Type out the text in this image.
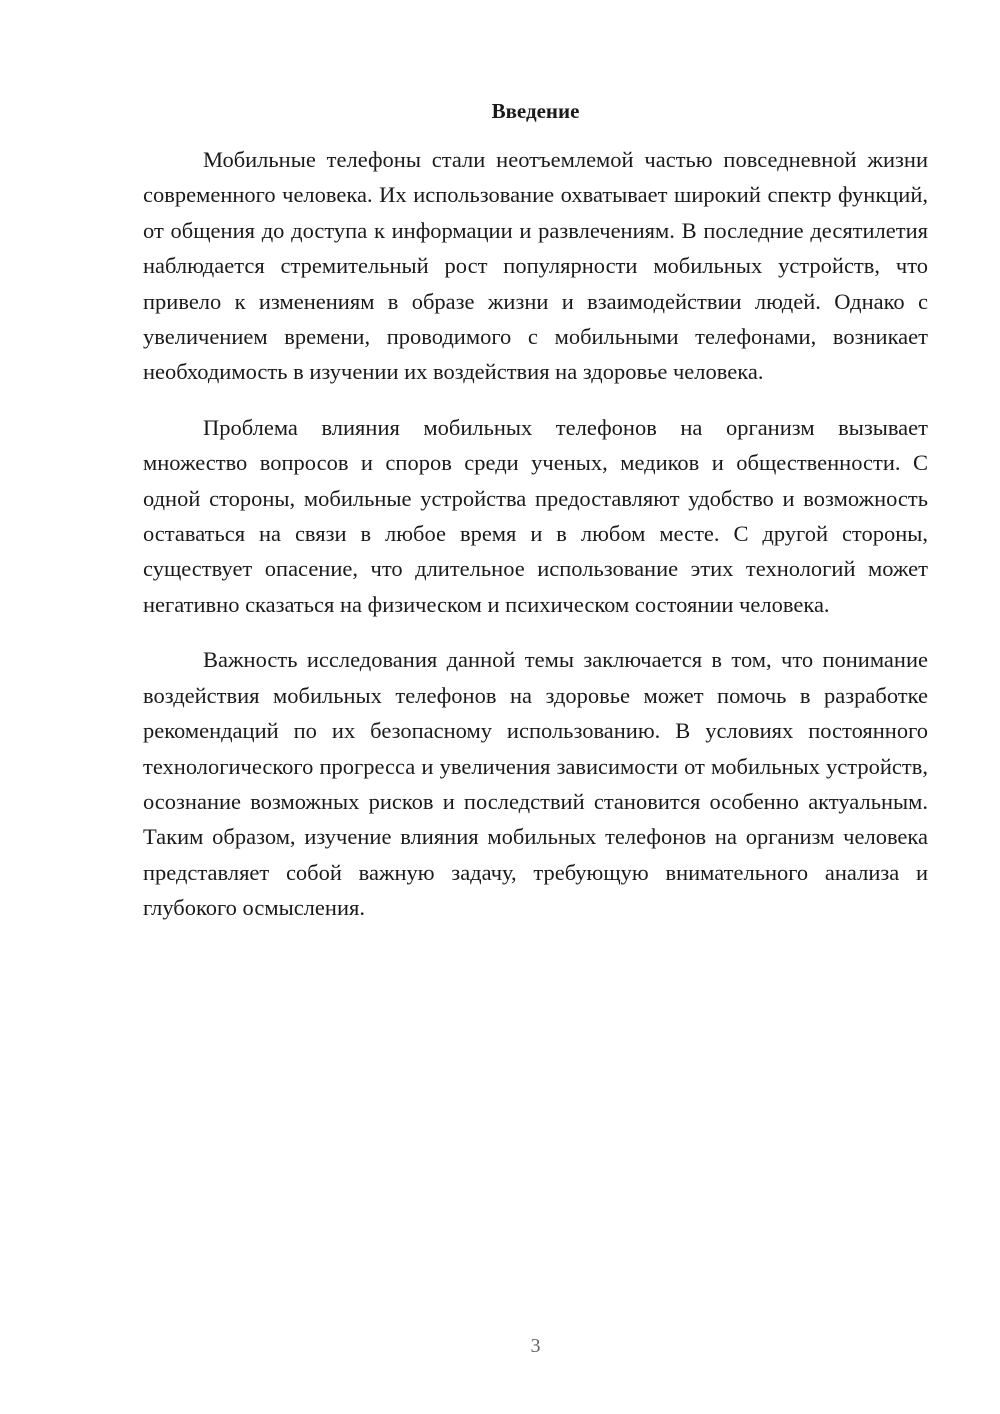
Введение

Мобильные телефоны стали неотъемлемой частью повседневной жизни современного человека. Их использование охватывает широкий спектр функций, от общения до доступа к информации и развлечениям. В последние десятилетия наблюдается стремительный рост популярности мобильных устройств, что привело к изменениям в образе жизни и взаимодействии людей. Однако с увеличением времени, проводимого с мобильными телефонами, возникает необходимость в изучении их воздействия на здоровье человека.

Проблема влияния мобильных телефонов на организм вызывает множество вопросов и споров среди ученых, медиков и общественности. С одной стороны, мобильные устройства предоставляют удобство и возможность оставаться на связи в любое время и в любом месте. С другой стороны, существует опасение, что длительное использование этих технологий может негативно сказаться на физическом и психическом состоянии человека.

Важность исследования данной темы заключается в том, что понимание воздействия мобильных телефонов на здоровье может помочь в разработке рекомендаций по их безопасному использованию. В условиях постоянного технологического прогресса и увеличения зависимости от мобильных устройств, осознание возможных рисков и последствий становится особенно актуальным. Таким образом, изучение влияния мобильных телефонов на организм человека представляет собой важную задачу, требующую внимательного анализа и глубокого осмысления.

3
